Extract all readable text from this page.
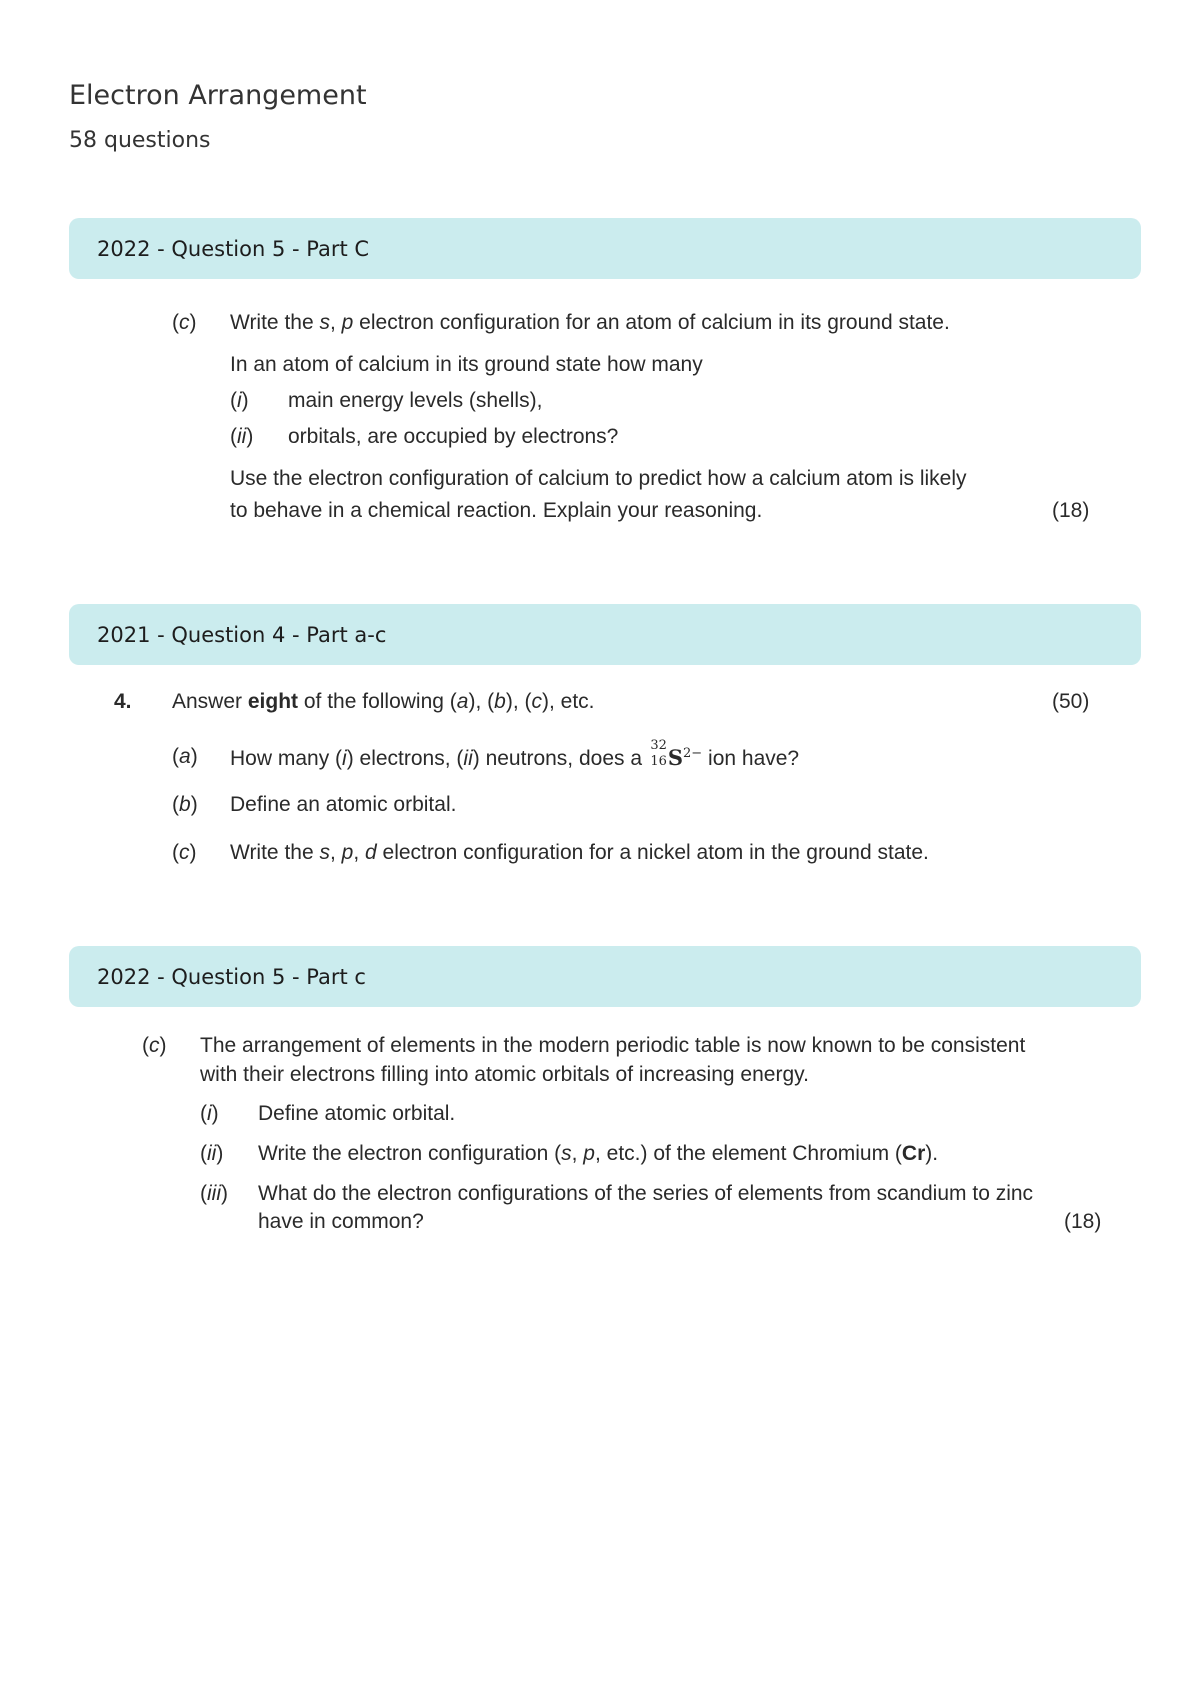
Electron Arrangement
58 questions
2022 - Question 5 - Part C
(c) Write the s, p electron configuration for an atom of calcium in its ground state.
In an atom of calcium in its ground state how many
(i) main energy levels (shells),
(ii) orbitals, are occupied by electrons?
Use the electron configuration of calcium to predict how a calcium atom is likely
to behave in a chemical reaction. Explain your reasoning.	(18)
2021 - Question 4 - Part a-c
4. Answer eight of the following (a), (b), (c), etc.	(50)
(a) How many (i) electrons, (ii) neutrons, does a
32
16 $S^{2-}$ ion have?
(b) Define an atomic orbital.
(c) Write the s, p, d electron configuration for a nickel atom in the ground state.
2022 - Question 5 - Part c
(c) The arrangement of elements in the modern periodic table is now known to be consistent
with their electrons filling into atomic orbitals of increasing energy.
(i) Define atomic orbital.
(ii) Write the electron configuration (s, p, etc.) of the element Chromium (Cr).
(iii) What do the electron configurations of the series of elements from scandium to zinc
have in common?	(18)
